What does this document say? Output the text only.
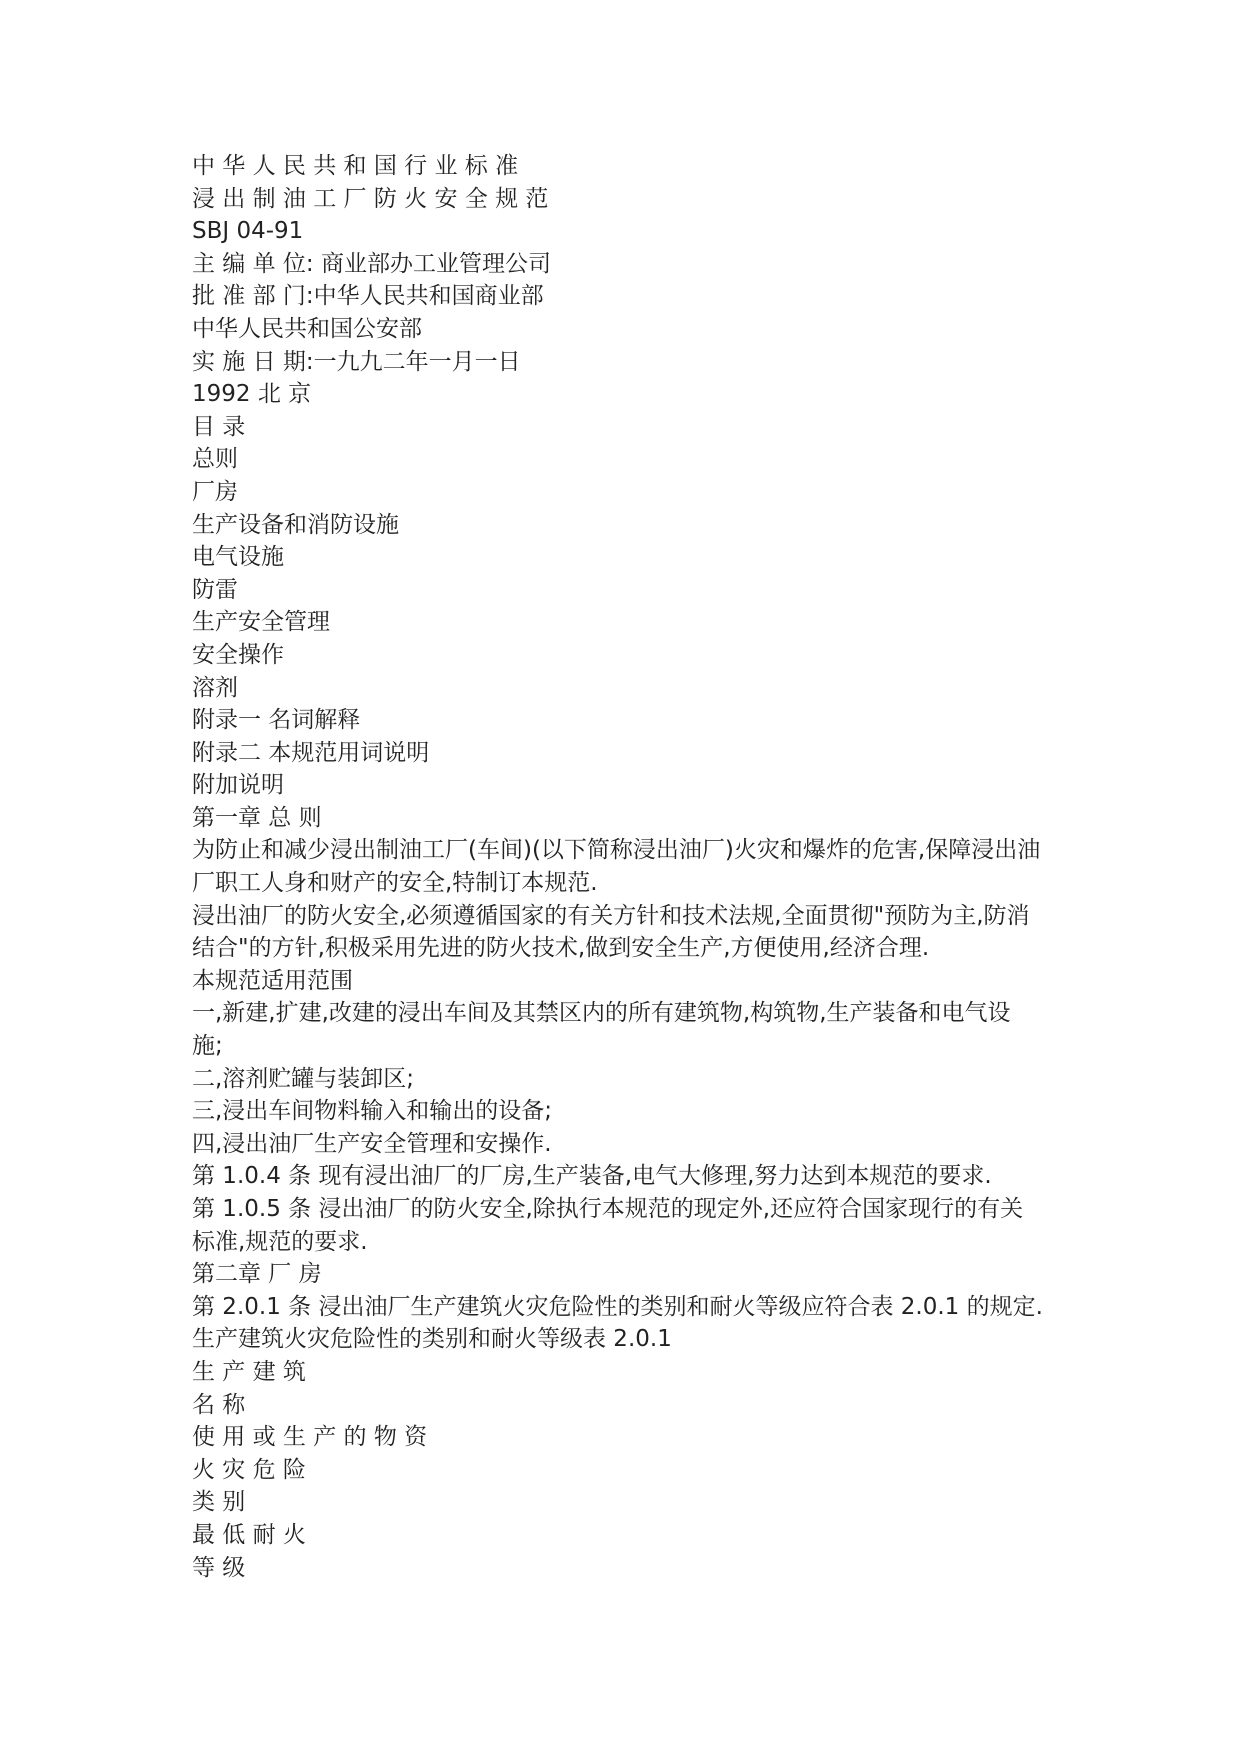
中 华 人 民 共 和 国 行 业 标 准
浸 出 制 油 工 厂 防 火 安 全 规 范
SBJ 04-91
主 编 单 位: 商业部办工业管理公司
批 准 部 门:中华人民共和国商业部
中华人民共和国公安部
实 施 日 期:一九九二年一月一日
1992 北 京
目 录
总则
厂房
生产设备和消防设施
电气设施
防雷
生产安全管理
安全操作
溶剂
附录一 名词解释
附录二 本规范用词说明
附加说明
第一章 总 则
为防止和减少浸出制油工厂(车间)(以下简称浸出油厂)火灾和爆炸的危害,保障浸出油
厂职工人身和财产的安全,特制订本规范.
浸出油厂的防火安全,必须遵循国家的有关方针和技术法规,全面贯彻"预防为主,防消
结合"的方针,积极采用先进的防火技术,做到安全生产,方便使用,经济合理.
本规范适用范围
一,新建,扩建,改建的浸出车间及其禁区内的所有建筑物,构筑物,生产装备和电气设
施;
二,溶剂贮罐与装卸区;
三,浸出车间物料输入和输出的设备;
四,浸出油厂生产安全管理和安操作.
第 1.0.4 条 现有浸出油厂的厂房,生产装备,电气大修理,努力达到本规范的要求.
第 1.0.5 条 浸出油厂的防火安全,除执行本规范的现定外,还应符合国家现行的有关
标准,规范的要求.
第二章 厂 房
第 2.0.1 条 浸出油厂生产建筑火灾危险性的类别和耐火等级应符合表 2.0.1 的规定.
生产建筑火灾危险性的类别和耐火等级表 2.0.1
生 产 建 筑
名 称
使 用 或 生 产 的 物 资
火 灾 危 险
类 别
最 低 耐 火
等 级
